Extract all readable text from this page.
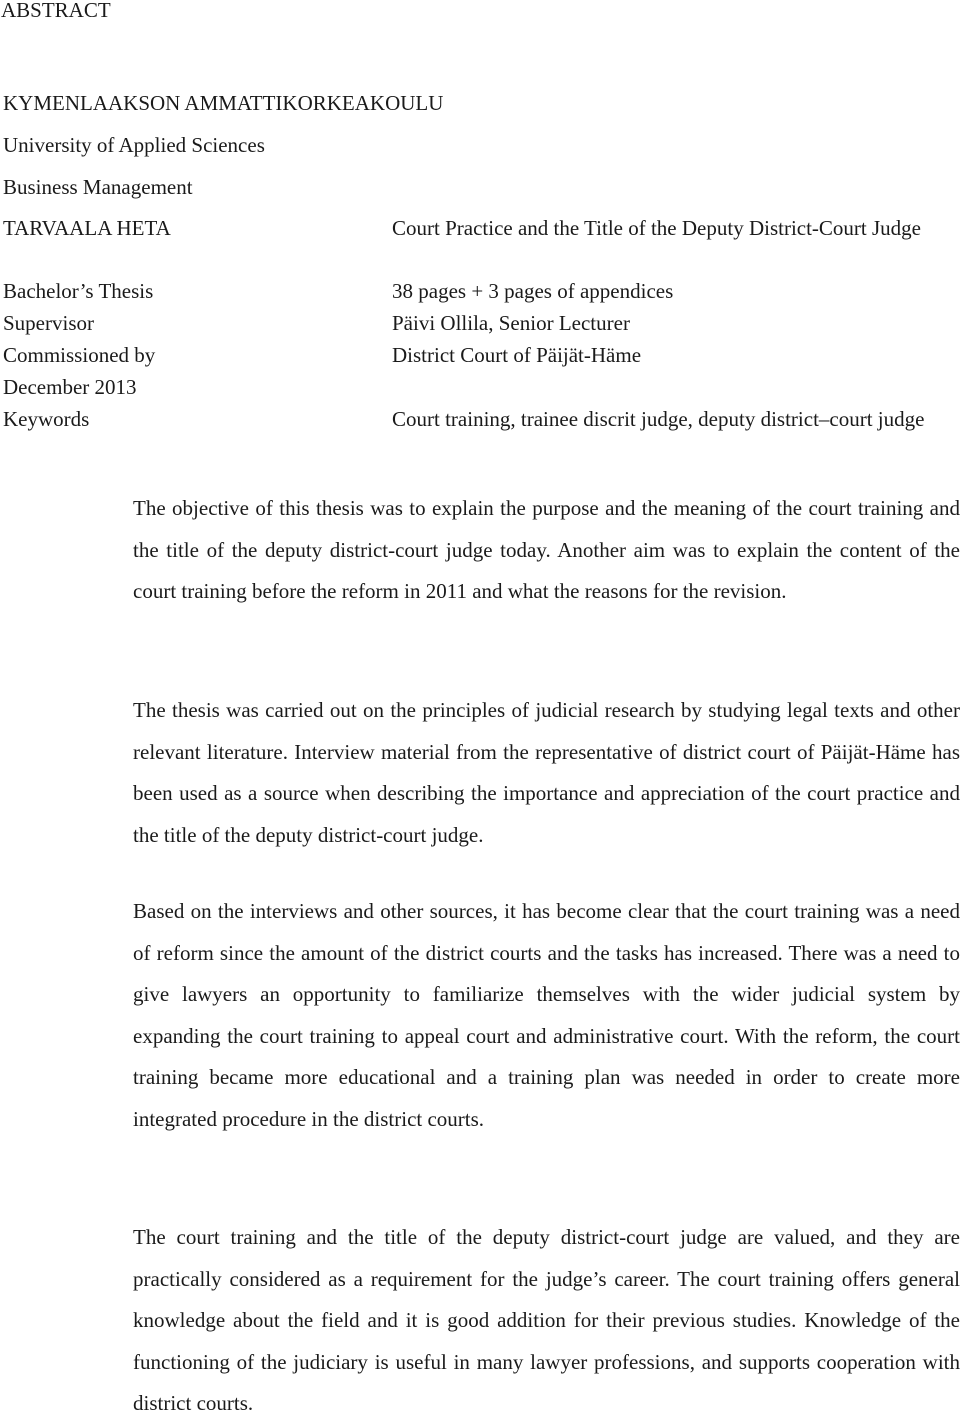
ABSTRACT
KYMENLAAKSON AMMATTIKORKEAKOULU
University of Applied Sciences
Business Management
TARVAALA HETA	Court Practice and the Title of the Deputy District-Court Judge
Bachelor’s Thesis	38 pages + 3 pages of appendices
Supervisor	Päivi Ollila, Senior Lecturer
Commissioned by	District Court of Päijät-Häme
December 2013
Keywords	Court training, trainee discrit judge, deputy district–court judge
The objective of this thesis was to explain the purpose and the meaning of the court training and the title of the deputy district-court judge today. Another aim was to explain the content of the court training before the reform in 2011 and what the reasons for the revision.
The thesis was carried out on the principles of judicial research by studying legal texts and other relevant literature. Interview material from the representative of district court of Päijät-Häme has been used as a source when describing the importance and appreciation of the court practice and the title of the deputy district-court judge.
Based on the interviews and other sources, it has become clear that the court training was a need of reform since the amount of the district courts and the tasks has increased. There was a need to give lawyers an opportunity to familiarize themselves with the wider judicial system by expanding the court training to appeal court and administrative court. With the reform, the court training became more educational and a training plan was needed in order to create more integrated procedure in the district courts.
The court training and the title of the deputy district-court judge are valued, and they are practically considered as a requirement for the judge’s career. The court training offers general knowledge about the field and it is good addition for their previous studies. Knowledge of the functioning of the judiciary is useful in many lawyer professions, and supports cooperation with district courts.
